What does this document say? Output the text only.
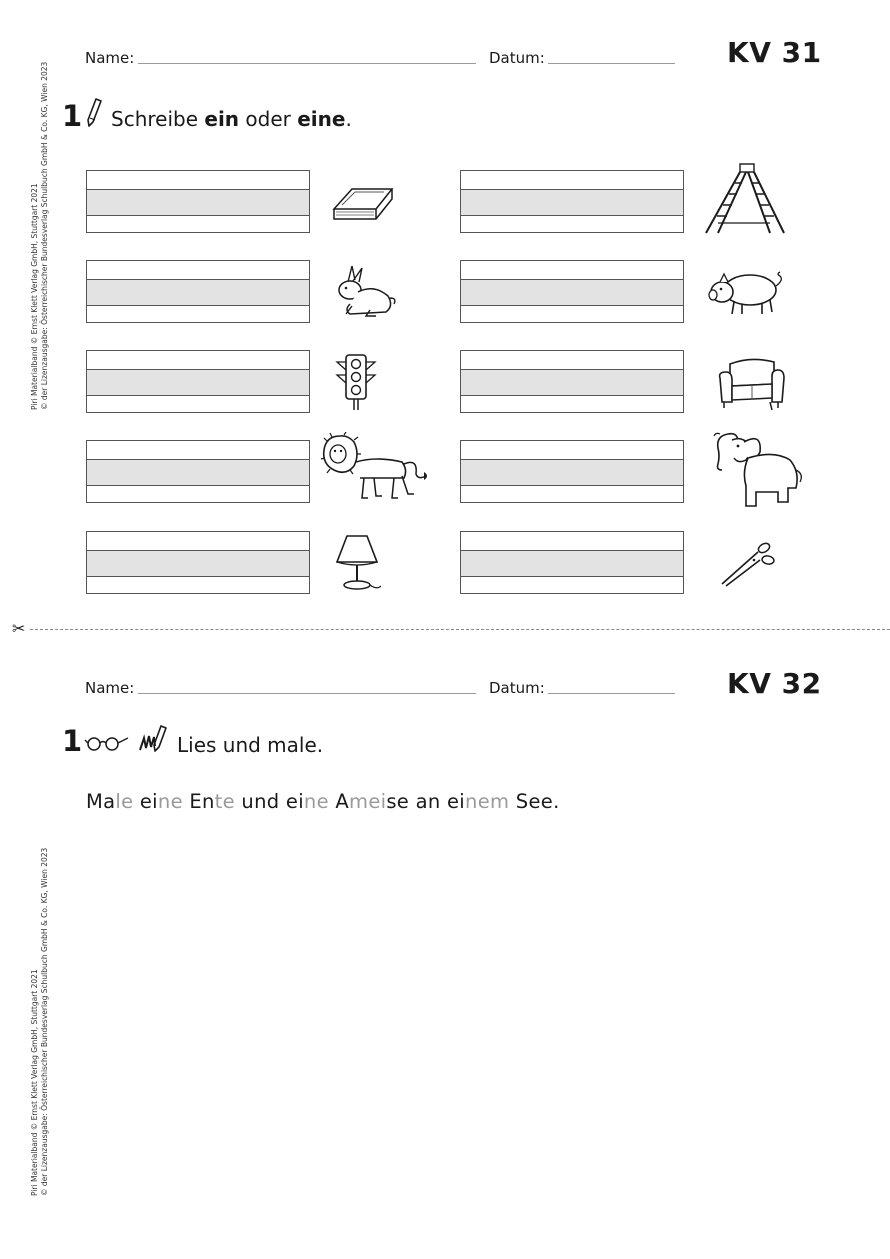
Name:	Datum:	KV 31
Piri Materialband © Ernst Klett Verlag GmbH, Stuttgart 2021 © der Lizenzausgabe: Österreichischer Bundesverlag Schulbuch GmbH & Co. KG, Wien 2023 1 Schreibe ein oder eine.
✂
Name:	Datum:	KV 32
1	Lies und male.
Male eine Ente und eine Ameise an einem See.
Piri Materialband © Ernst Klett Verlag GmbH, Stuttgart 2021 © der Lizenzausgabe: Österreichischer Bundesverlag Schulbuch GmbH & Co. KG, Wien 2023
